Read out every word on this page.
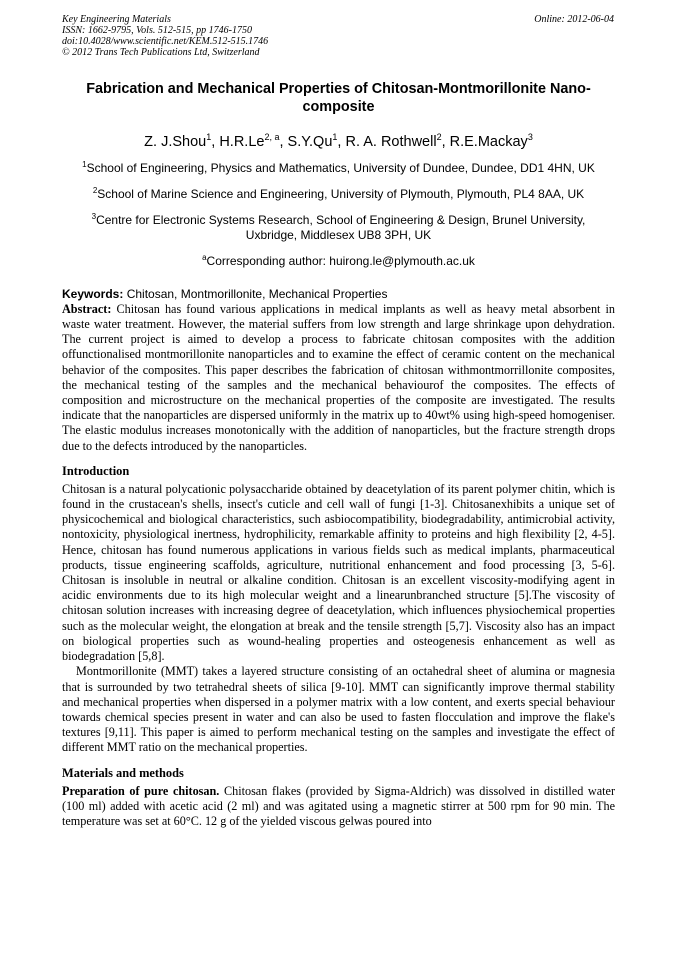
Key Engineering Materials
ISSN: 1662-9795, Vols. 512-515, pp 1746-1750
doi:10.4028/www.scientific.net/KEM.512-515.1746
© 2012 Trans Tech Publications Ltd, Switzerland
Online: 2012-06-04
Fabrication and Mechanical Properties of Chitosan-Montmorillonite Nano-composite
Z. J.Shou$^1$, H.R.Le$^{2, a}$, S.Y.Qu$^1$, R. A. Rothwell$^2$, R.E.Mackay$^3$
$^1$School of Engineering, Physics and Mathematics, University of Dundee, Dundee, DD1 4HN, UK
$^2$School of Marine Science and Engineering, University of Plymouth, Plymouth, PL4 8AA, UK
$^3$Centre for Electronic Systems Research, School of Engineering & Design, Brunel University, Uxbridge, Middlesex UB8 3PH, UK
$^a$Corresponding author: huirong.le@plymouth.ac.uk
Keywords: Chitosan, Montmorillonite, Mechanical Properties

Abstract: Chitosan has found various applications in medical implants as well as heavy metal absorbent in waste water treatment. However, the material suffers from low strength and large shrinkage upon dehydration. The current project is aimed to develop a process to fabricate chitosan composites with the addition offunctionalised montmorillonite nanoparticles and to examine the effect of ceramic content on the mechanical behavior of the composites. This paper describes the fabrication of chitosan withmontmorrillonite composites, the mechanical testing of the samples and the mechanical behaviourof the composites. The effects of composition and microstructure on the mechanical properties of the composite are investigated. The results indicate that the nanoparticles are dispersed uniformly in the matrix up to 40wt% using high-speed homogeniser. The elastic modulus increases monotonically with the addition of nanoparticles, but the fracture strength drops due to the defects introduced by the nanoparticles.

Introduction

Chitosan is a natural polycationic polysaccharide obtained by deacetylation of its parent polymer chitin, which is found in the crustacean's shells, insect's cuticle and cell wall of fungi [1-3]. Chitosanexhibits a unique set of physicochemical and biological characteristics, such asbiocompatibility, biodegradability, antimicrobial activity, nontoxicity, physiological inertness, hydrophilicity, remarkable affinity to proteins and high flexibility [2, 4-5]. Hence, chitosan has found numerous applications in various fields such as medical implants, pharmaceutical products, tissue engineering scaffolds, agriculture, nutritional enhancement and food processing [3, 5-6]. Chitosan is insoluble in neutral or alkaline condition. Chitosan is an excellent viscosity-modifying agent in acidic environments due to its high molecular weight and a linearunbranched structure [5].The viscosity of chitosan solution increases with increasing degree of deacetylation, which influences physiochemical properties such as the molecular weight, the elongation at break and the tensile strength [5,7]. Viscosity also has an impact on biological properties such as wound-healing properties and osteogenesis enhancement as well as biodegradation [5,8].

Montmorillonite (MMT) takes a layered structure consisting of an octahedral sheet of alumina or magnesia that is surrounded by two tetrahedral sheets of silica [9-10]. MMT can significantly improve thermal stability and mechanical properties when dispersed in a polymer matrix with a low content, and exerts special behaviour towards chemical species present in water and can also be used to fasten flocculation and improve the flake's textures [9,11]. This paper is aimed to perform mechanical testing on the samples and investigate the effect of different MMT ratio on the mechanical properties.

Materials and methods

Preparation of pure chitosan. Chitosan flakes (provided by Sigma-Aldrich) was dissolved in distilled water (100 ml) added with acetic acid (2 ml) and was agitated using a magnetic stirrer at 500 rpm for 90 min. The temperature was set at 60°C. 12 g of the yielded viscous gelwas poured into
